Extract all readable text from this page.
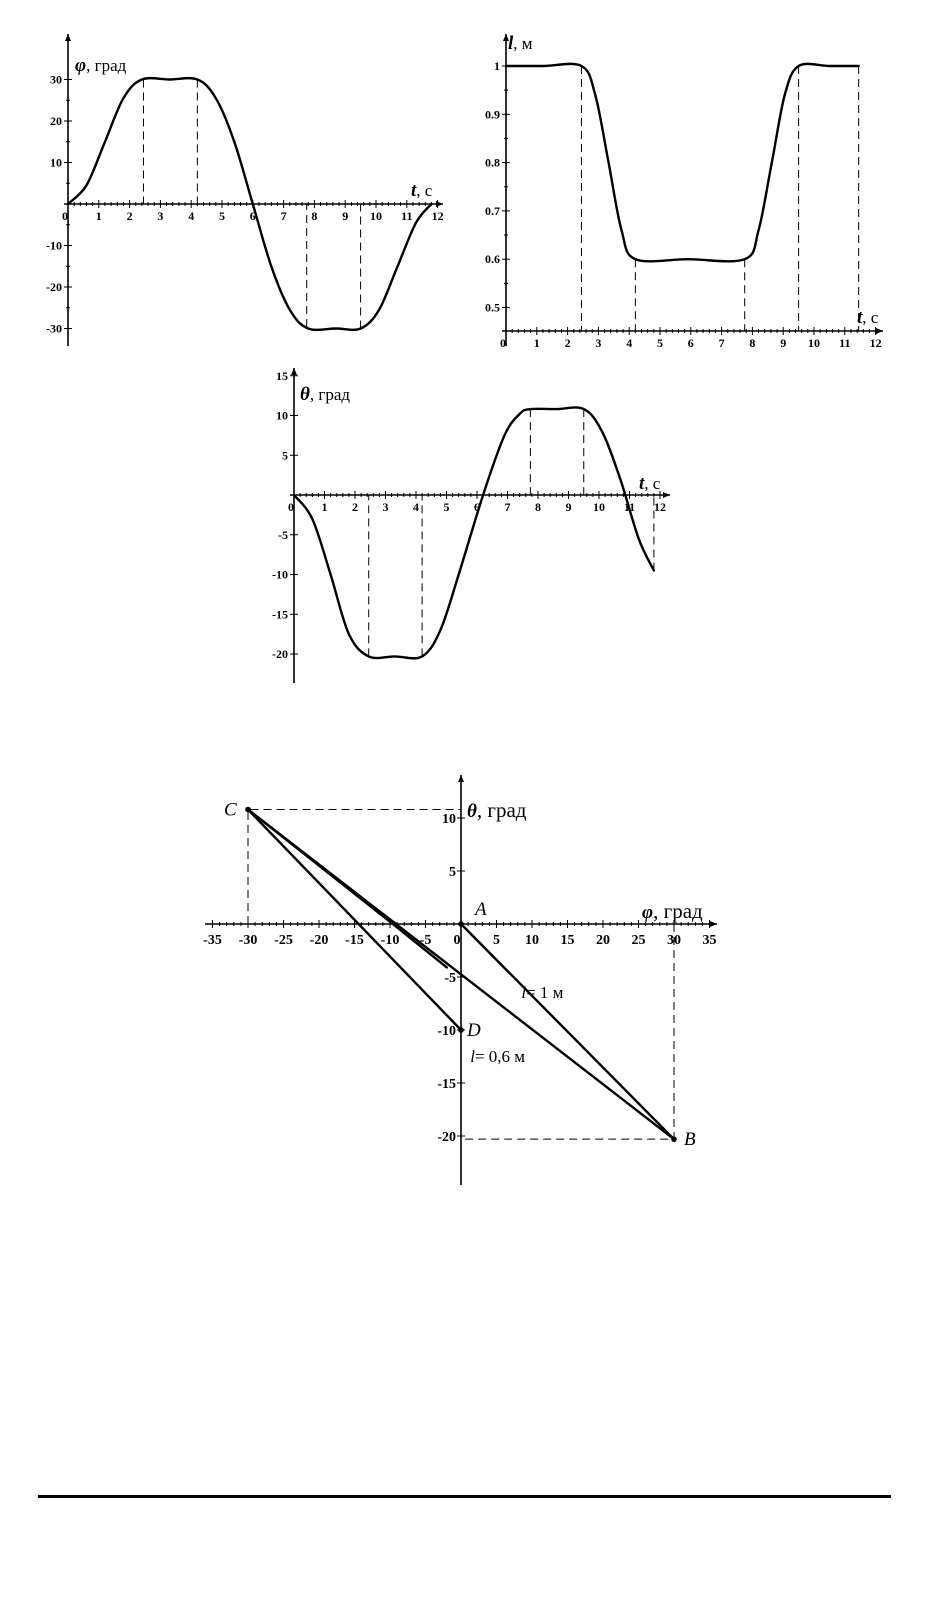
0 1 2 3 4 5 6 7 8 9 10 11 12
30
20
10
-10
-20
-30
φ, град
t, с
0 1 2 3 4 5 6 7 8 9 10 11 12
1
0.9
0.8
0.7
0.6
0.5
l, м
t, с
0 1 2 3 4 5 6 7 8 9 10 11 12
15
10
5
-5
-10
-15
-20
θ, град
t, с
-35 -30 -25 -20 -15 -10 -5 0 5 10 15 20 25 30 35
10
5
-10
-15
-20
-5
A
B
C
D
l= 1 м
l= 0,6 м
θ, град
φ, град
